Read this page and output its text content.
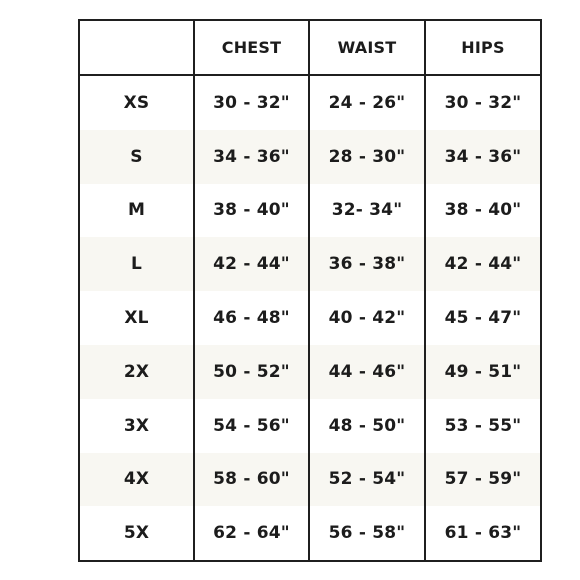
	CHEST	WAIST	HIPS
XS	30 - 32"	24 - 26"	30 - 32"
S	34 - 36"	28 - 30"	34 - 36"
M	38 - 40"	32- 34"	38 - 40"
L	42 - 44"	36 - 38"	42 - 44"
XL	46 - 48"	40 - 42"	45 - 47"
2X	50 - 52"	44 - 46"	49 - 51"
3X	54 - 56"	48 - 50"	53 - 55"
4X	58 - 60"	52 - 54"	57 - 59"
5X	62 - 64"	56 - 58"	61 - 63"
